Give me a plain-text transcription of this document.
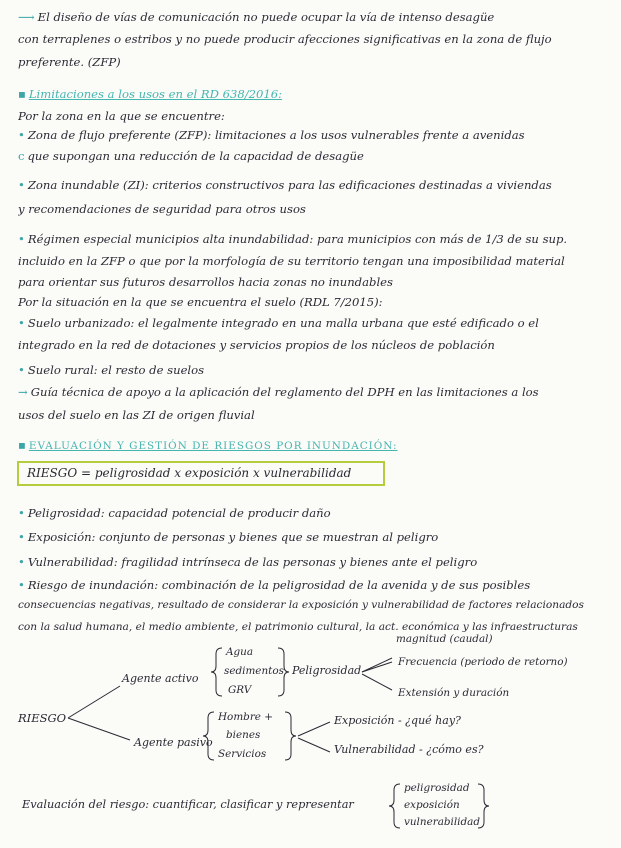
⟶ El diseño de vías de comunicación no puede ocupar la vía de intenso desagüe
con terraplenes o estribos y no puede producir afecciones significativas en la zona de flujo
preferente. (ZFP)
▪ Limitaciones a los usos en el RD 638/2016:
Por la zona en la que se encuentre:
• Zona de flujo preferente (ZFP): limitaciones a los usos vulnerables frente a avenidas
c que supongan una reducción de la capacidad de desagüe
• Zona inundable (ZI): criterios constructivos para las edificaciones destinadas a viviendas
y recomendaciones de seguridad para otros usos
• Régimen especial municipios alta inundabilidad: para municipios con más de 1/3 de su sup.
incluido en la ZFP o que por la morfología de su territorio tengan una imposibilidad material
para orientar sus futuros desarrollos hacia zonas no inundables
Por la situación en la que se encuentra el suelo (RDL 7/2015):
• Suelo urbanizado: el legalmente integrado en una malla urbana que esté edificado o el
integrado en la red de dotaciones y servicios propios de los núcleos de población
• Suelo rural: el resto de suelos
→ Guía técnica de apoyo a la aplicación del reglamento del DPH en las limitaciones a los
usos del suelo en las ZI de origen fluvial
▪ EVALUACIÓN Y GESTIÓN DE RIESGOS POR INUNDACIÓN:
RIESGO = peligrosidad x exposición x vulnerabilidad
• Peligrosidad: capacidad potencial de producir daño
• Exposición: conjunto de personas y bienes que se muestran al peligro
• Vulnerabilidad: fragilidad intrínseca de las personas y bienes ante el peligro
• Riesgo de inundación: combinación de la peligrosidad de la avenida y de sus posibles
consecuencias negativas, resultado de considerar la exposición y vulnerabilidad de factores relacionados
con la salud humana, el medio ambiente, el patrimonio cultural, la act. económica y las infraestructuras
RIESGO
Agente activo
Agua
sedimentos
GRV
Peligrosidad
magnitud (caudal)
Frecuencia (periodo de retorno)
Extensión y duración
Agente pasivo
Hombre +
bienes
Servicios
Exposición - ¿qué hay?
Vulnerabilidad - ¿cómo es?
Evaluación del riesgo: cuantificar, clasificar y representar
peligrosidad
exposición
vulnerabilidad
